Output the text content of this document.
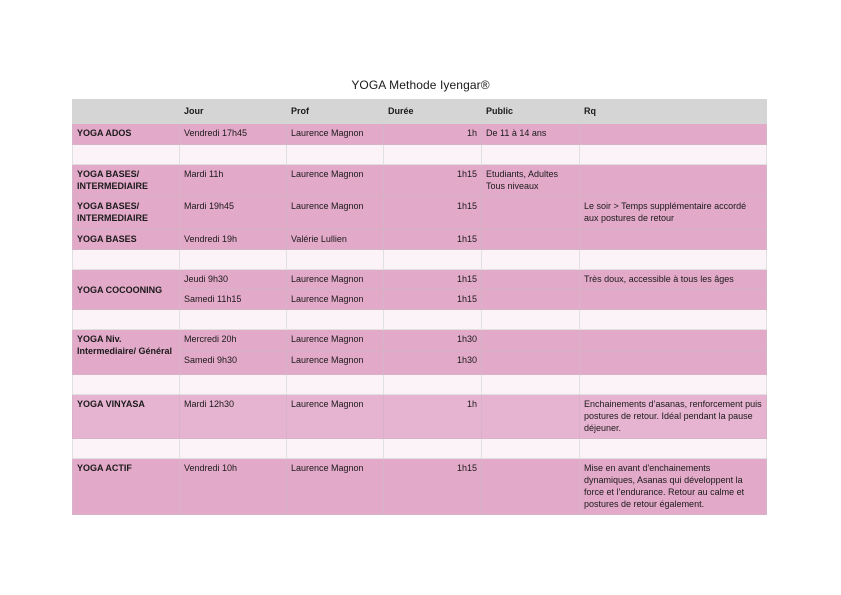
YOGA Methode Iyengar®
	Jour	Prof	Durée	Public	Rq
YOGA ADOS	Vendredi 17h45	Laurence Magnon	1h	De 11 à 14 ans	

YOGA BASES/ INTERMEDIAIRE	Mardi 11h	Laurence Magnon	1h15	Etudiants, Adultes Tous niveaux	
YOGA BASES/ INTERMEDIAIRE	Mardi 19h45	Laurence Magnon	1h15		Le soir > Temps supplémentaire accordé aux postures de retour
YOGA BASES	Vendredi 19h	Valérie Lullien	1h15		

YOGA COCOONING	Jeudi 9h30	Laurence Magnon	1h15		Très doux, accessible à tous les âges
	Samedi 11h15	Laurence Magnon	1h15		

YOGA Niv. Intermediaire/ Général	Mercredi 20h	Laurence Magnon	1h30		
	Samedi 9h30	Laurence Magnon	1h30		

YOGA VINYASA	Mardi 12h30	Laurence Magnon	1h		Enchainements d’asanas, renforcement puis postures de retour. Idéal pendant la pause déjeuner.

YOGA ACTIF	Vendredi 10h	Laurence Magnon	1h15		Mise en avant d'enchainements dynamiques, Asanas qui développent la force et l’endurance. Retour au calme et postures de retour également.
